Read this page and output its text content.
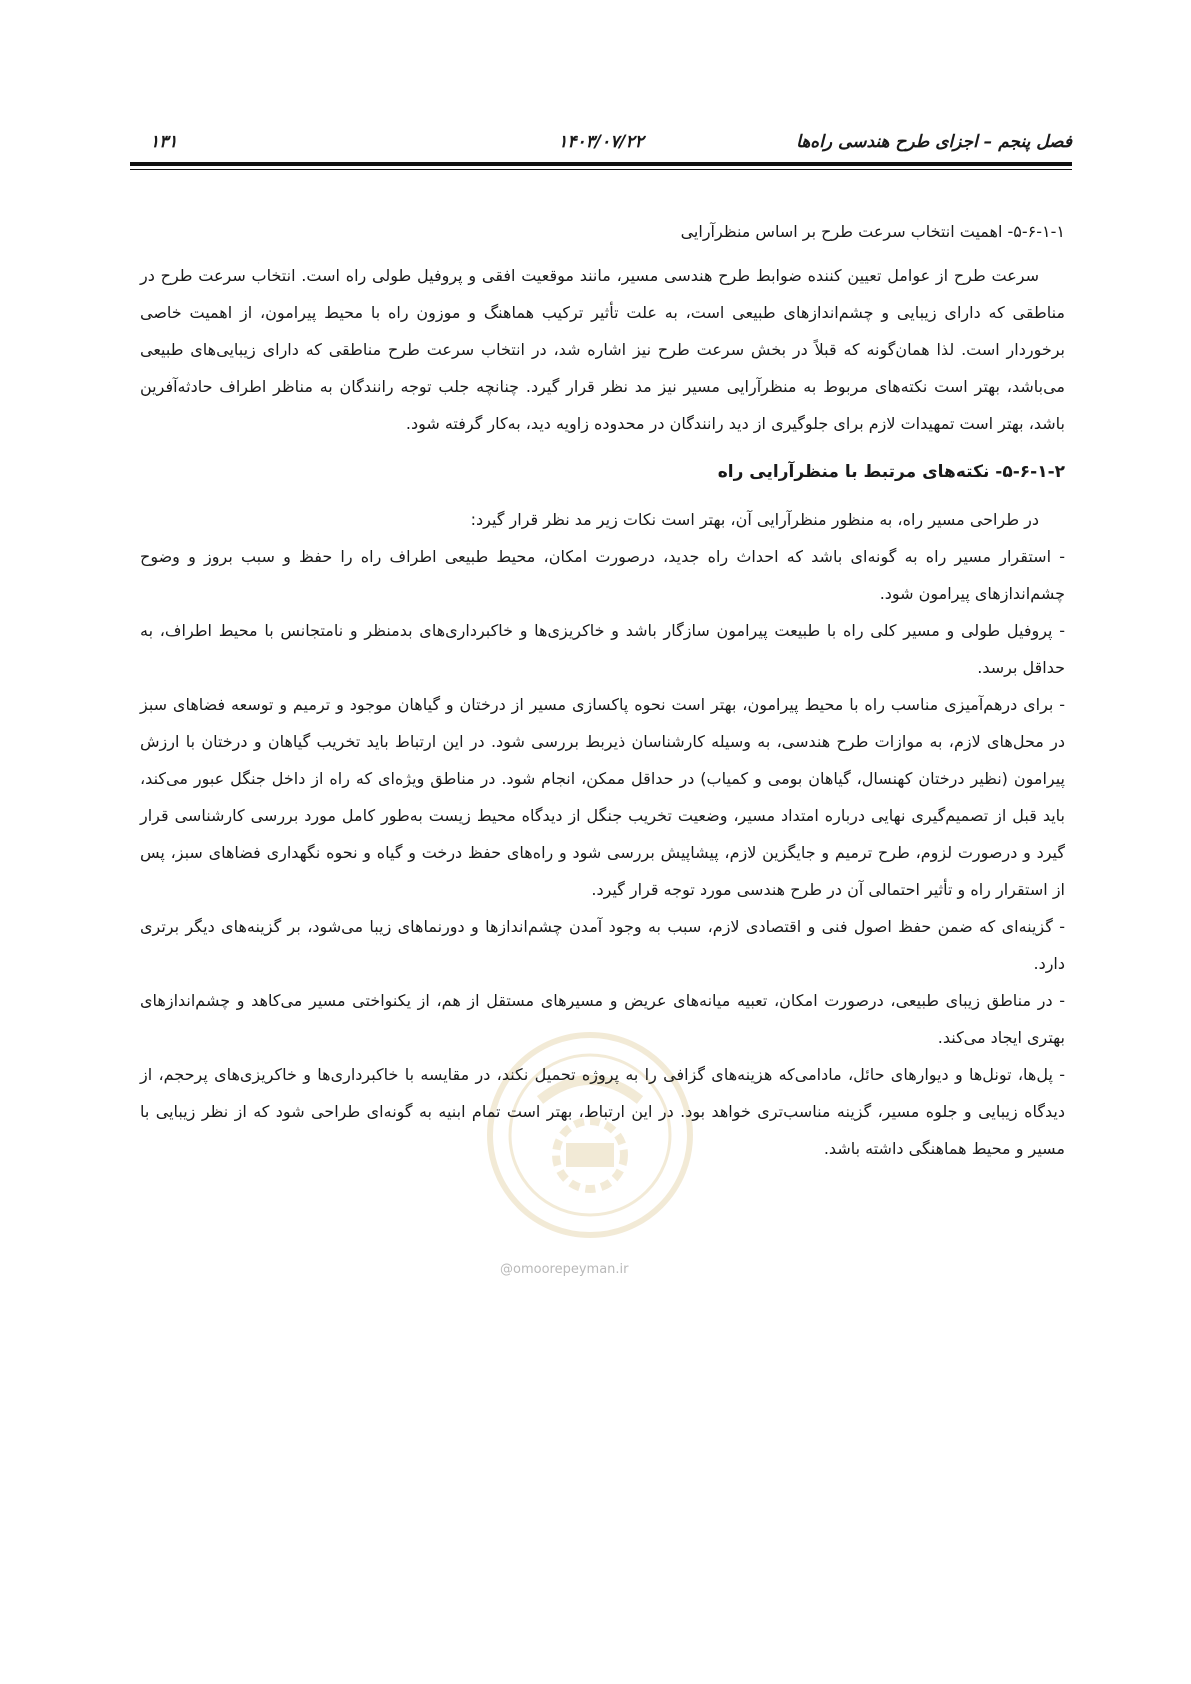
فصل پنجم – اجزای طرح هندسی راه‌ها
۱۴۰۳/۰۷/۲۲
۱۳۱
@omoorepeyman.ir

۵-۶-۱-۱- اهمیت انتخاب سرعت طرح بر اساس منظرآرایی

سرعت طرح از عوامل تعیین کننده ضوابط طرح هندسی مسیر، مانند موقعیت افقی و پروفیل طولی راه است. انتخاب سرعت طرح در مناطقی که دارای زیبایی و چشم‌اندازهای طبیعی است، به علت تأثیر ترکیب هماهنگ و موزون راه با محیط پیرامون، از اهمیت خاصی برخوردار است. لذا همان‌گونه که قبلاً در بخش سرعت طرح نیز اشاره شد، در انتخاب سرعت طرح مناطقی که دارای زیبایی‌های طبیعی می‌باشد، بهتر است نکته‌های مربوط به منظرآرایی مسیر نیز مد نظر قرار گیرد. چنانچه جلب توجه رانندگان به مناظر اطراف حادثه‌آفرین باشد، بهتر است تمهیدات لازم برای جلوگیری از دید رانندگان در محدوده زاویه دید، به‌کار گرفته شود.

۵-۶-۱-۲- نکته‌های مرتبط با منظرآرایی راه

در طراحی مسیر راه، به منظور منظرآرایی آن، بهتر است نکات زیر مد نظر قرار گیرد:

- استقرار مسیر راه به گونه‌ای باشد که احداث راه جدید، درصورت امکان، محیط طبیعی اطراف راه را حفظ و سبب بروز و وضوح چشم‌اندازهای پیرامون شود.

- پروفیل طولی و مسیر کلی راه با طبیعت پیرامون سازگار باشد و خاکریزی‌ها و خاکبرداری‌های بدمنظر و نامتجانس با محیط اطراف، به حداقل برسد.

- برای درهم‌آمیزی مناسب راه با محیط پیرامون، بهتر است نحوه پاکسازی مسیر از درختان و گیاهان موجود و ترمیم و توسعه فضاهای سبز در محل‌های لازم، به موازات طرح هندسی، به وسیله کارشناسان ذیربط بررسی شود. در این ارتباط باید تخریب گیاهان و درختان با ارزش پیرامون (نظیر درختان کهنسال، گیاهان بومی و کمیاب) در حداقل ممکن، انجام شود. در مناطق ویژه‌ای که راه از داخل جنگل عبور می‌کند، باید قبل از تصمیم‌گیری نهایی درباره امتداد مسیر، وضعیت تخریب جنگل از دیدگاه محیط زیست به‌طور کامل مورد بررسی کارشناسی قرار گیرد و درصورت لزوم، طرح ترمیم و جایگزین لازم، پیشاپیش بررسی شود و راه‌های حفظ درخت و گیاه و نحوه نگهداری فضاهای سبز، پس از استقرار راه و تأثیر احتمالی آن در طرح هندسی مورد توجه قرار گیرد.

- گزینه‌ای که ضمن حفظ اصول فنی و اقتصادی لازم، سبب به وجود آمدن چشم‌اندازها و دورنماهای زیبا می‌شود، بر گزینه‌های دیگر برتری دارد.

- در مناطق زیبای طبیعی، درصورت امکان، تعبیه میانه‌های عریض و مسیرهای مستقل از هم، از یکنواختی مسیر می‌کاهد و چشم‌اندازهای بهتری ایجاد می‌کند.

- پل‌ها، تونل‌ها و دیوارهای حائل، مادامی‌که هزینه‌های گزافی را به پروژه تحمیل نکند، در مقایسه با خاکبرداری‌ها و خاکریزی‌های پرحجم، از دیدگاه زیبایی و جلوه مسیر، گزینه مناسب‌تری خواهد بود. در این ارتباط، بهتر است تمام ابنیه به گونه‌ای طراحی شود که از نظر زیبایی با مسیر و محیط هماهنگی داشته باشد.
